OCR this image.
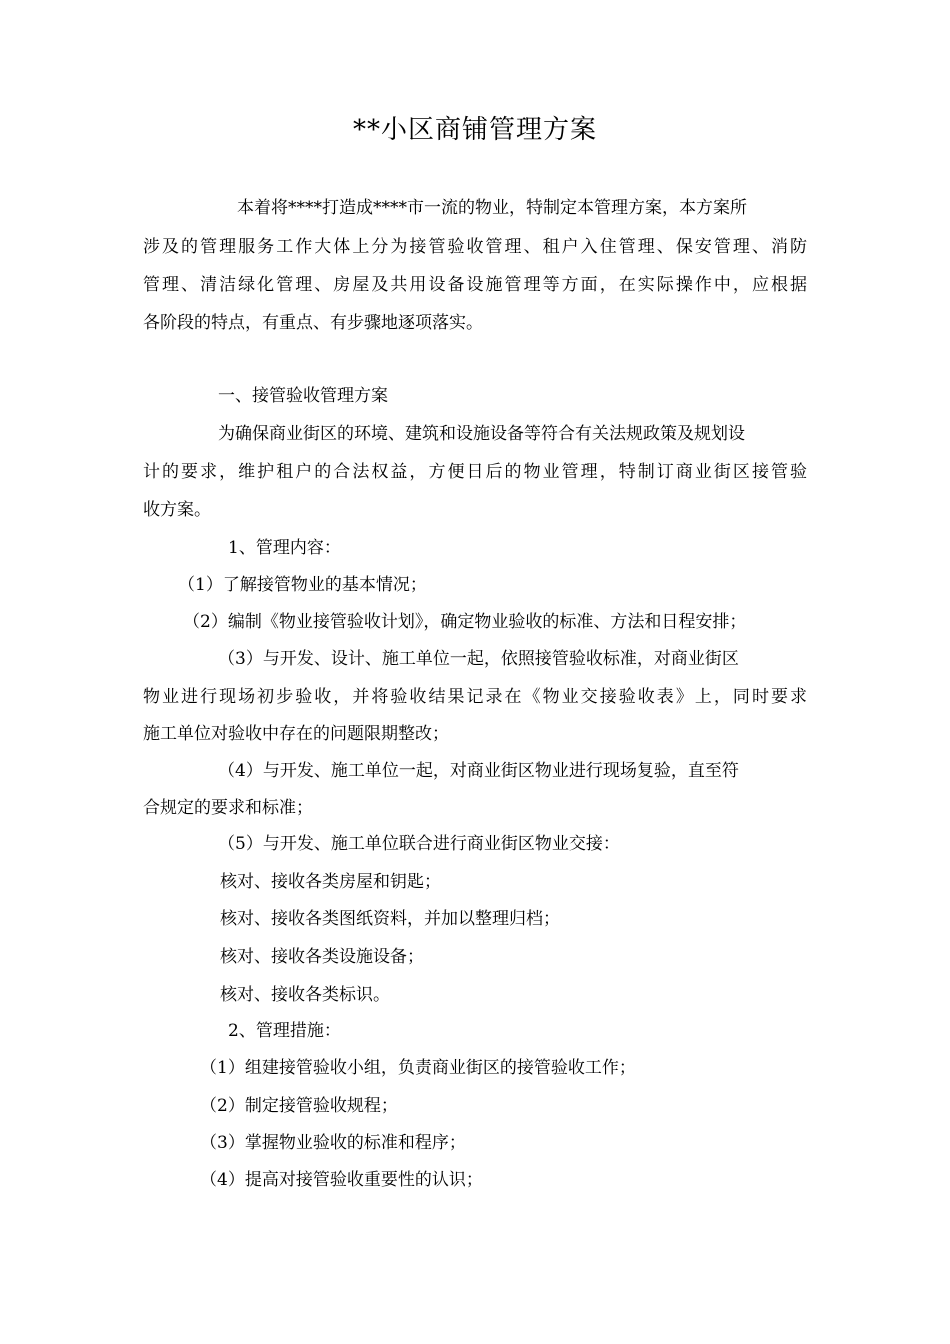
**小区商铺管理方案
本着将****打造成****市一流的物业，特制定本管理方案，本方案所
涉及的管理服务工作大体上分为接管验收管理、租户入住管理、保安管理、消防
管理、清洁绿化管理、房屋及共用设备设施管理等方面，在实际操作中，应根据
各阶段的特点，有重点、有步骤地逐项落实。
一、接管验收管理方案
为确保商业街区的环境、建筑和设施设备等符合有关法规政策及规划设
计的要求，维护租户的合法权益，方便日后的物业管理，特制订商业街区接管验
收方案。
1、管理内容：
（1）了解接管物业的基本情况；
（2）编制《物业接管验收计划》，确定物业验收的标准、方法和日程安排；
（3）与开发、设计、施工单位一起，依照接管验收标准，对商业街区
物业进行现场初步验收，并将验收结果记录在《物业交接验收表》上，同时要求
施工单位对验收中存在的问题限期整改；
（4）与开发、施工单位一起，对商业街区物业进行现场复验，直至符
合规定的要求和标准；
（5）与开发、施工单位联合进行商业街区物业交接：
核对、接收各类房屋和钥匙；
核对、接收各类图纸资料，并加以整理归档；
核对、接收各类设施设备；
核对、接收各类标识。
2、管理措施：
（1）组建接管验收小组，负责商业街区的接管验收工作；
（2）制定接管验收规程；
（3）掌握物业验收的标准和程序；
（4）提高对接管验收重要性的认识；
